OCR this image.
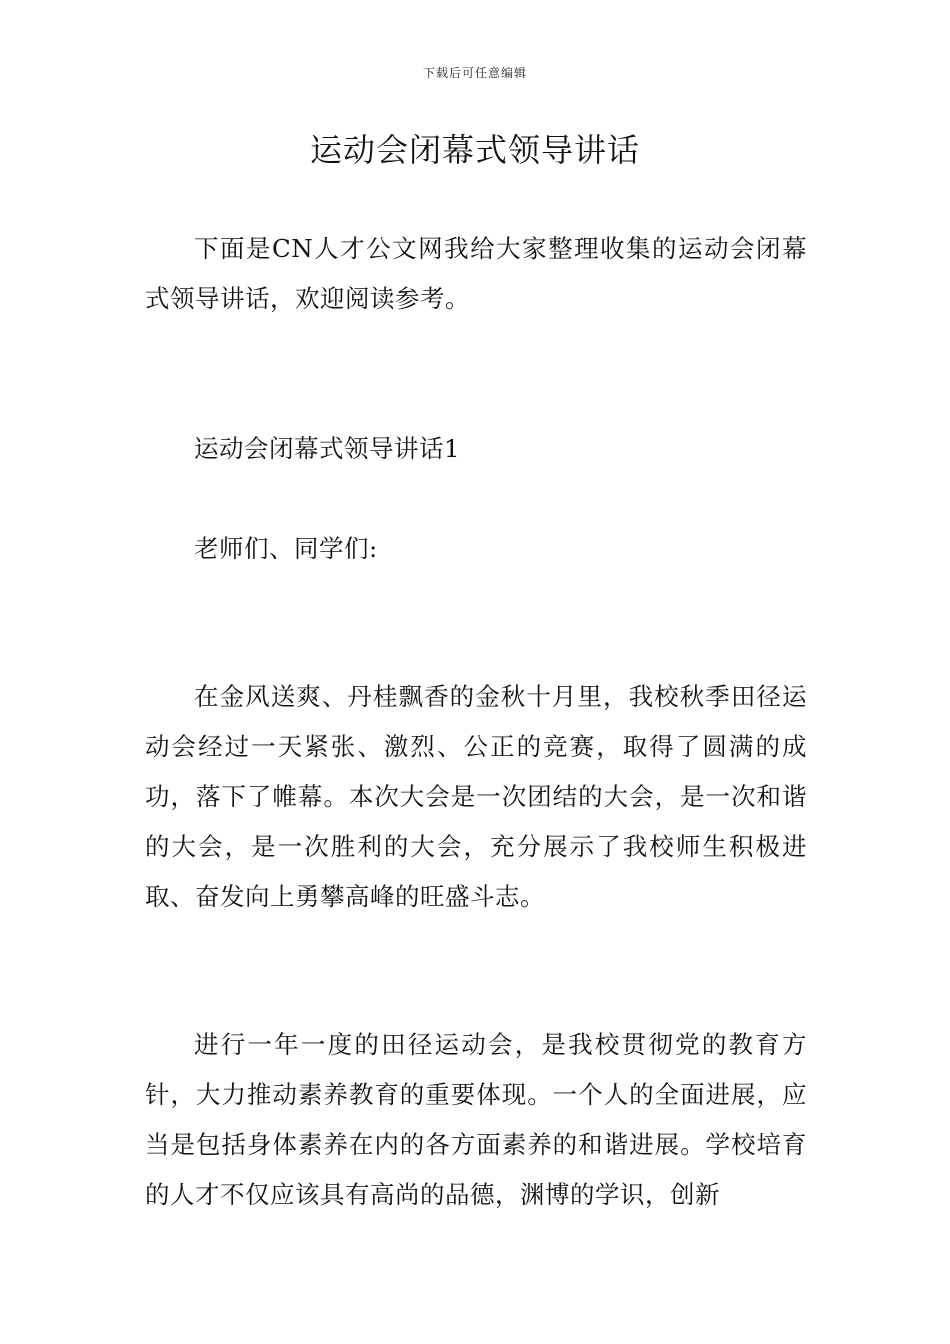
下载后可任意编辑
运动会闭幕式领导讲话

下面是CN人才公文网我给大家整理收集的运动会闭幕式领导讲话，欢迎阅读参考。

运动会闭幕式领导讲话1

老师们、同学们:

在金风送爽、丹桂飘香的金秋十月里，我校秋季田径运动会经过一天紧张、激烈、公正的竞赛，取得了圆满的成功，落下了帷幕。本次大会是一次团结的大会，是一次和谐的大会，是一次胜利的大会，充分展示了我校师生积极进取、奋发向上勇攀高峰的旺盛斗志。

进行一年一度的田径运动会，是我校贯彻党的教育方针，大力推动素养教育的重要体现。一个人的全面进展，应当是包括身体素养在内的各方面素养的和谐进展。学校培育的人才不仅应该具有高尚的品德，渊博的学识，创新
